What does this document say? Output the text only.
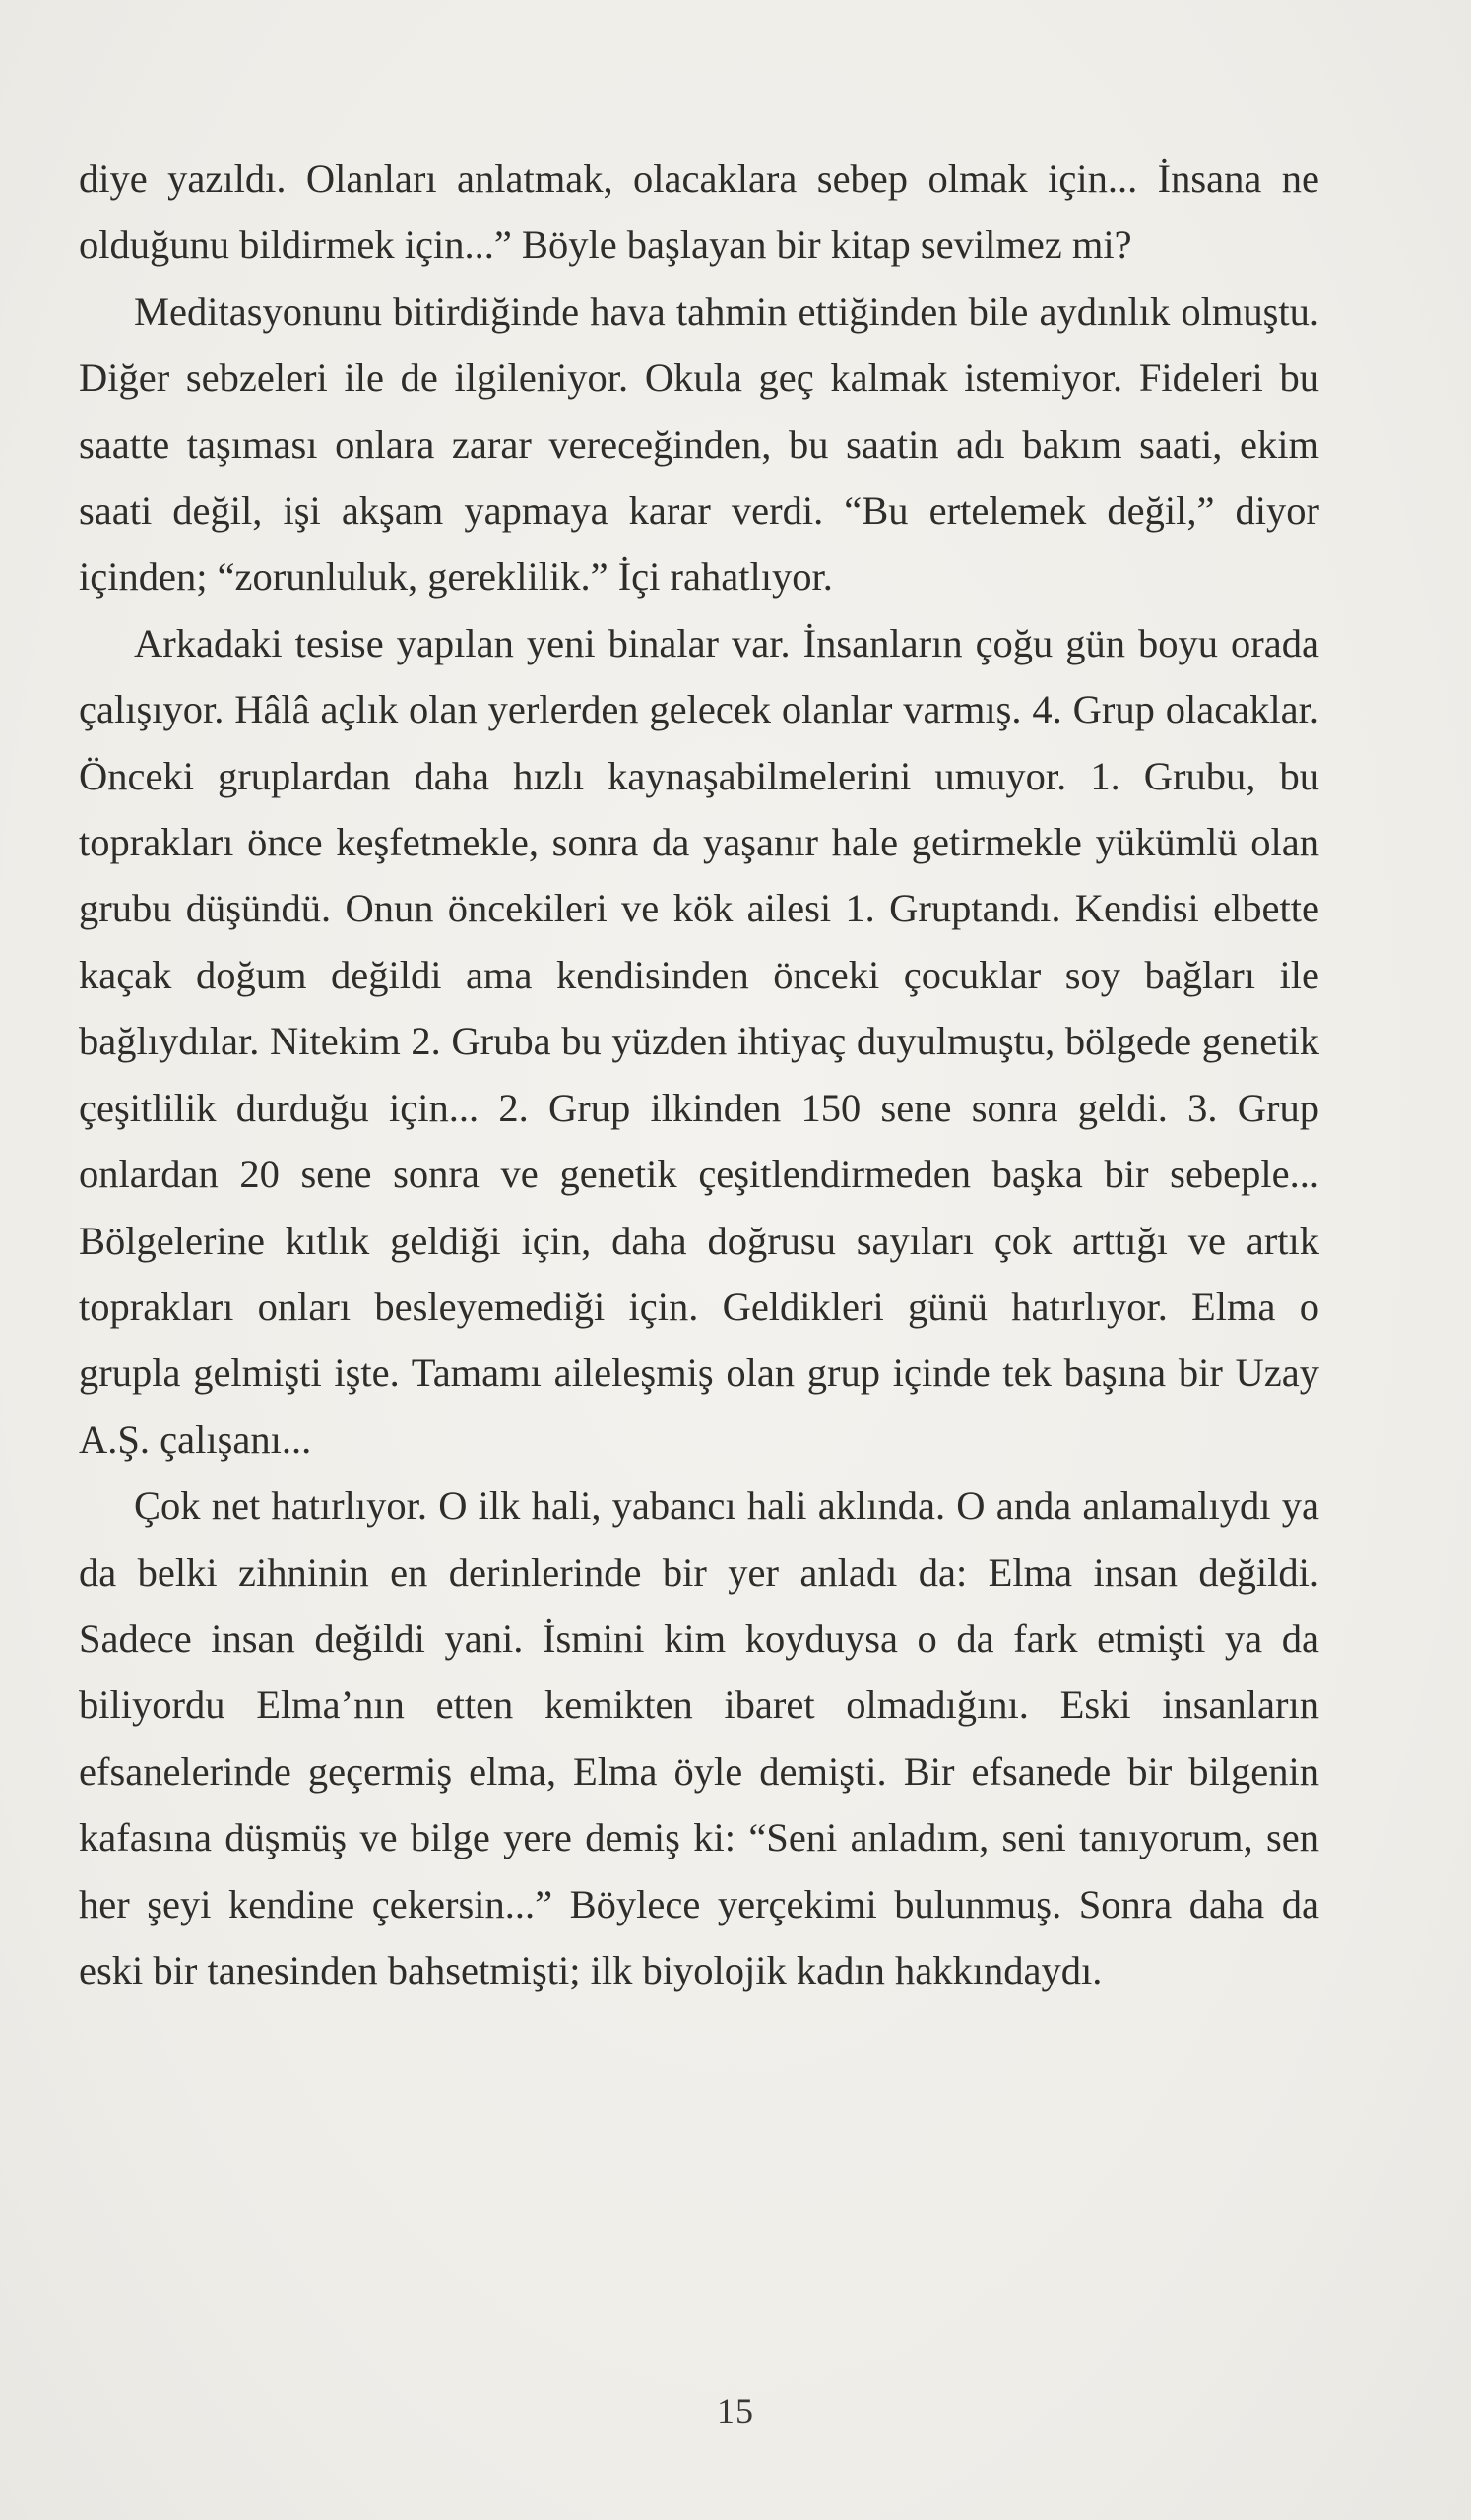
diye yazıldı. Olanları anlatmak, olacaklara sebep olmak için... İnsana ne olduğunu bildirmek için...” Böyle başlayan bir kitap sevilmez mi?

Meditasyonunu bitirdiğinde hava tahmin ettiğinden bile aydınlık olmuştu. Diğer sebzeleri ile de ilgileniyor. Okula geç kalmak istemiyor. Fideleri bu saatte taşıması onlara zarar vereceğinden, bu saatin adı bakım saati, ekim saati değil, işi akşam yapmaya karar verdi. “Bu ertelemek değil,” diyor içinden; “zorunluluk, gereklilik.” İçi rahatlıyor.

Arkadaki tesise yapılan yeni binalar var. İnsanların çoğu gün boyu orada çalışıyor. Hâlâ açlık olan yerlerden gelecek olanlar varmış. 4. Grup olacaklar. Önceki gruplardan daha hızlı kaynaşabilmelerini umuyor. 1. Grubu, bu toprakları önce keşfetmekle, sonra da yaşanır hale getirmekle yükümlü olan grubu düşündü. Onun öncekileri ve kök ailesi 1. Gruptandı. Kendisi elbette kaçak doğum değildi ama kendisinden önceki çocuklar soy bağları ile bağlıydılar. Nitekim 2. Gruba bu yüzden ihtiyaç duyulmuştu, bölgede genetik çeşitlilik durduğu için... 2. Grup ilkinden 150 sene sonra geldi. 3. Grup onlardan 20 sene sonra ve genetik çeşitlendirmeden başka bir sebeple... Bölgelerine kıtlık geldiği için, daha doğrusu sayıları çok arttığı ve artık toprakları onları besleyemediği için. Geldikleri günü hatırlıyor. Elma o grupla gelmişti işte. Tamamı aileleşmiş olan grup içinde tek başına bir Uzay A.Ş. çalışanı...

Çok net hatırlıyor. O ilk hali, yabancı hali aklında. O anda anlamalıydı ya da belki zihninin en derinlerinde bir yer anladı da: Elma insan değildi. Sadece insan değildi yani. İsmini kim koyduysa o da fark etmişti ya da biliyordu Elma’nın etten kemikten ibaret olmadığını. Eski insanların efsanelerinde geçermiş elma, Elma öyle demişti. Bir efsanede bir bilgenin kafasına düşmüş ve bilge yere demiş ki: “Seni anladım, seni tanıyorum, sen her şeyi kendine çekersin...” Böylece yerçekimi bulunmuş. Sonra daha da eski bir tanesinden bahsetmişti; ilk biyolojik kadın hakkındaydı.

15
